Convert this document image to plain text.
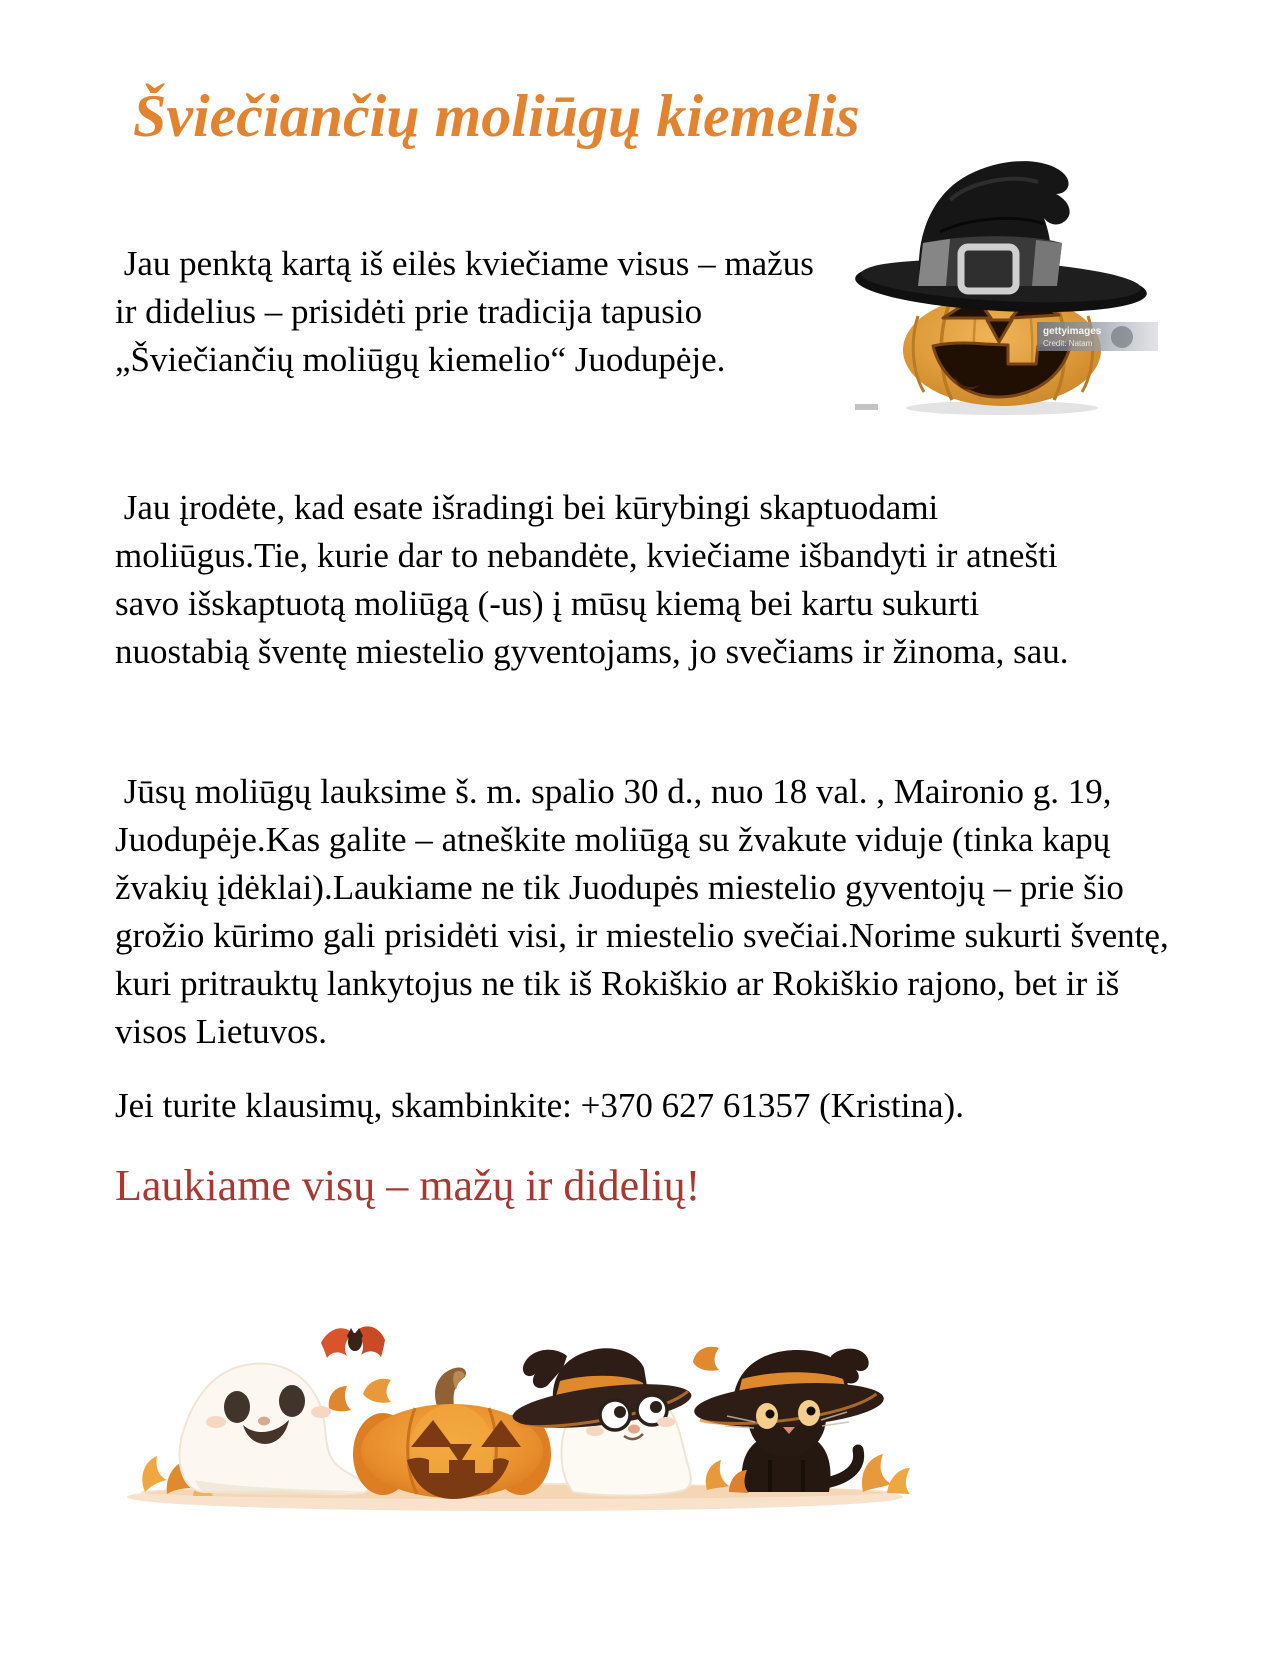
Šviečiančių moliūgų kiemelis

Jau penktą kartą iš eilės kviečiame visus – mažus ir didelius – prisidėti prie tradicija tapusio „Šviečiančių moliūgų kiemelio“ Juodupėje.

Jau įrodėte, kad esate išradingi bei kūrybingi skaptuodami moliūgus.Tie, kurie dar to nebandėte, kviečiame išbandyti ir atnešti savo išskaptuotą moliūgą (-us) į mūsų kiemą bei kartu sukurti nuostabią šventę miestelio gyventojams, jo svečiams ir žinoma, sau.

Jūsų moliūgų lauksime š. m. spalio 30 d., nuo 18 val. , Maironio g. 19, Juodupėje.Kas galite – atneškite moliūgą su žvakute viduje (tinka kapų žvakių įdėklai).Laukiame ne tik Juodupės miestelio gyventojų – prie šio grožio kūrimo gali prisidėti visi, ir miestelio svečiai.Norime sukurti šventę, kuri pritrauktų lankytojus ne tik iš Rokiškio ar Rokiškio rajono, bet ir iš visos Lietuvos.

Jei turite klausimų, skambinkite: +370 627 61357 (Kristina).

Laukiame visų – mažų ir didelių!

gettyimages
Credit: Natam
